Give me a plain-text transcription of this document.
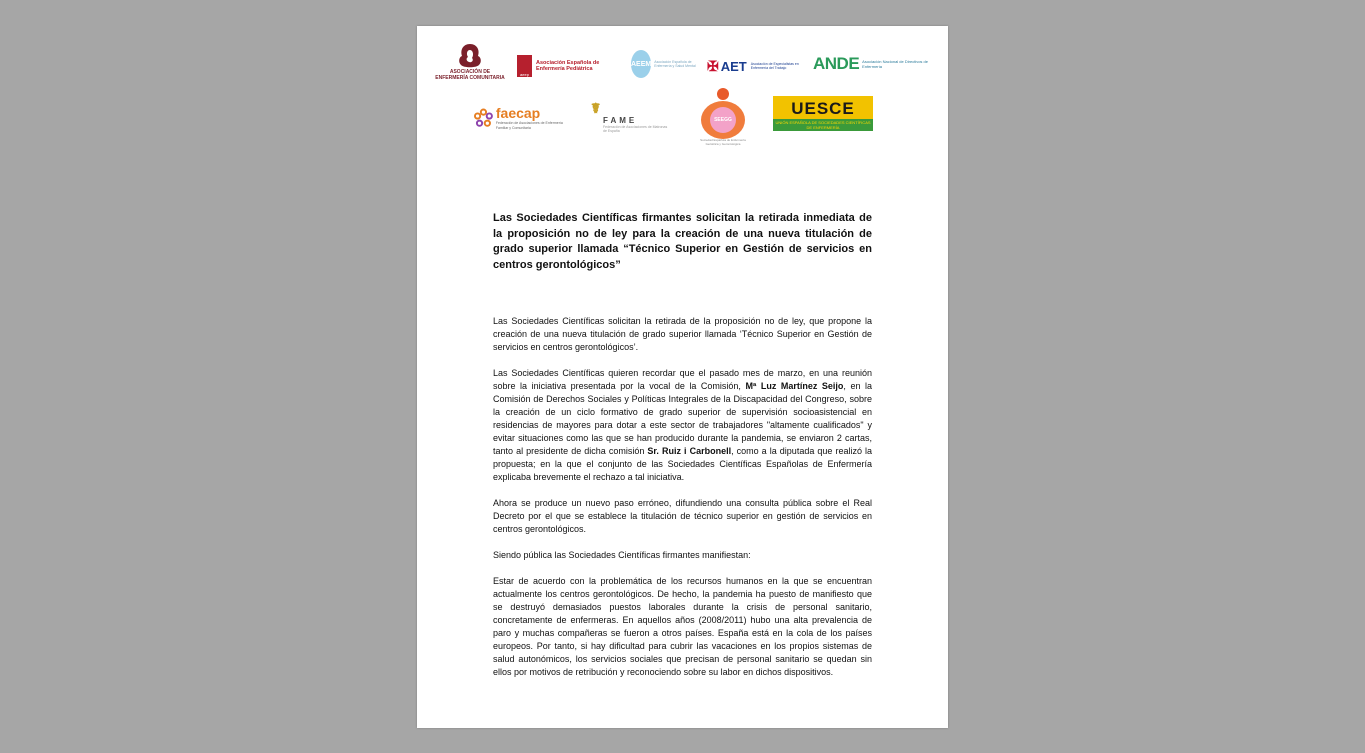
ASOCIACIÓN DE ENFERMERÍA COMUNITARIA	aeep
Asociación Española de Enfermería Pediátrica
AEEM Asociación Española de Enfermería y Salud Mental ✠ AET Asociación de Especialistas en Enfermería del Trabajo	ANDE Asociación Nacional de Directivos de Enfermería
faecap
Federación de Asociaciones de Enfermería Familiar y Comunitaria
☤
FAME
Federación de Asociaciones de Matronas de España
SEEGG
Sociedad Española de Enfermería Geriátrica y Gerontológica
UESCE
UNIÓN ESPAÑOLA DE SOCIEDADES CIENTÍFICAS DE ENFERMERÍA
Las Sociedades Científicas firmantes solicitan la retirada inmediata de la proposición no de ley para la creación de una nueva titulación de grado superior llamada “Técnico Superior en Gestión de servicios en centros gerontológicos”

Las Sociedades Científicas solicitan la retirada de la proposición no de ley, que propone la creación de una nueva titulación de grado superior llamada ‘Técnico Superior en Gestión de servicios en centros gerontológicos’.

Las Sociedades Científicas quieren recordar que el pasado mes de marzo, en una reunión sobre la iniciativa presentada por la vocal de la Comisión, Mª Luz Martínez Seijo, en la Comisión de Derechos Sociales y Políticas Integrales de la Discapacidad del Congreso, sobre la creación de un ciclo formativo de grado superior de supervisión socioasistencial en residencias de mayores para dotar a este sector de trabajadores "altamente cualificados" y evitar situaciones como las que se han producido durante la pandemia, se enviaron 2 cartas, tanto al presidente de dicha comisión Sr. Ruiz i Carbonell, como a la diputada que realizó la propuesta; en la que el conjunto de las Sociedades Científicas Españolas de Enfermería explicaba brevemente el rechazo a tal iniciativa.

Ahora se produce un nuevo paso erróneo, difundiendo una consulta pública sobre el Real Decreto por el que se establece la titulación de técnico superior en gestión de servicios en centros gerontológicos.

Siendo pública las Sociedades Científicas firmantes manifiestan:

Estar de acuerdo con la problemática de los recursos humanos en la que se encuentran actualmente los centros gerontológicos. De hecho, la pandemia ha puesto de manifiesto que se destruyó demasiados puestos laborales durante la crisis de personal sanitario, concretamente de enfermeras. En aquellos años (2008/2011) hubo una alta prevalencia de paro y muchas compañeras se fueron a otros países. España está en la cola de los países europeos. Por tanto, si hay dificultad para cubrir las vacaciones en los propios sistemas de salud autonómicos, los servicios sociales que precisan de personal sanitario se quedan sin ellos por motivos de retribución y reconociendo sobre su labor en dichos dispositivos.
